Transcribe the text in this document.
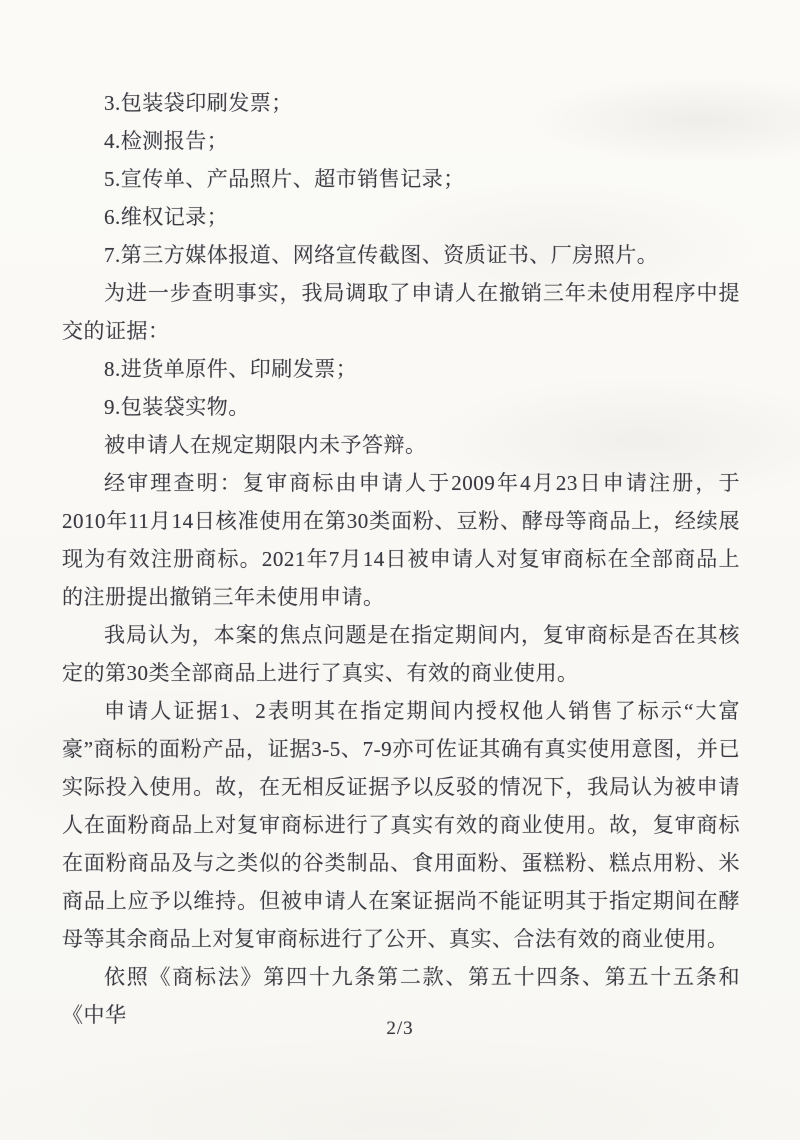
3.包装袋印刷发票；

4.检测报告；

5.宣传单、产品照片、超市销售记录；

6.维权记录；

7.第三方媒体报道、网络宣传截图、资质证书、厂房照片。

为进一步查明事实，我局调取了申请人在撤销三年未使用程序中提交的证据：

8.进货单原件、印刷发票；

9.包装袋实物。

被申请人在规定期限内未予答辩。

经审理查明：复审商标由申请人于2009年4月23日申请注册，于2010年11月14日核准使用在第30类面粉、豆粉、酵母等商品上，经续展现为有效注册商标。2021年7月14日被申请人对复审商标在全部商品上的注册提出撤销三年未使用申请。

我局认为，本案的焦点问题是在指定期间内，复审商标是否在其核定的第30类全部商品上进行了真实、有效的商业使用。

申请人证据1、2表明其在指定期间内授权他人销售了标示“大富豪”商标的面粉产品，证据3-5、7-9亦可佐证其确有真实使用意图，并已实际投入使用。故，在无相反证据予以反驳的情况下，我局认为被申请人在面粉商品上对复审商标进行了真实有效的商业使用。故，复审商标在面粉商品及与之类似的谷类制品、食用面粉、蛋糕粉、糕点用粉、米商品上应予以维持。但被申请人在案证据尚不能证明其于指定期间在酵母等其余商品上对复审商标进行了公开、真实、合法有效的商业使用。

依照《商标法》第四十九条第二款、第五十四条、第五十五条和《中华

2/3
